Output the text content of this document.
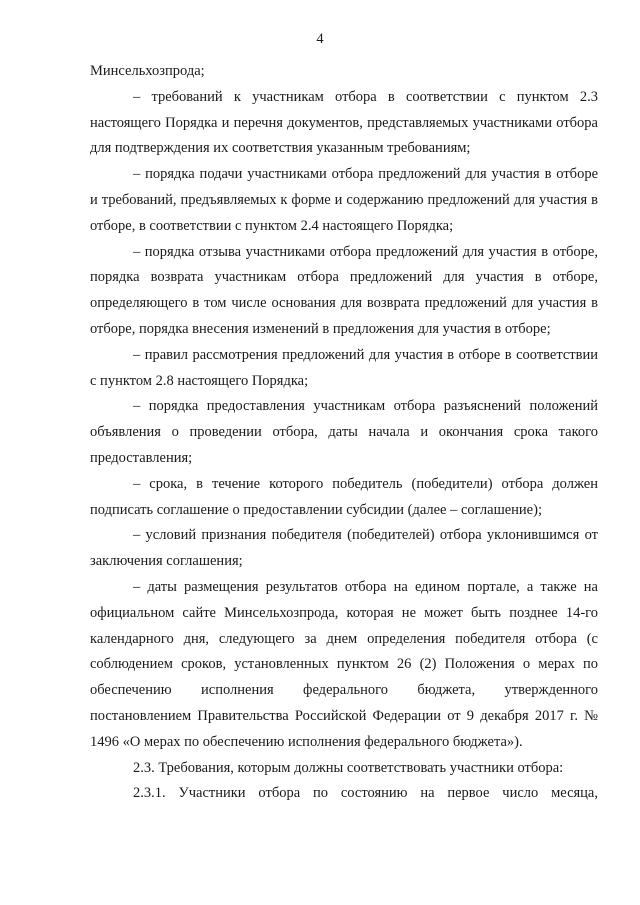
4

Минсельхозпрода;

– требований к участникам отбора в соответствии с пунктом 2.3 настоящего Порядка и перечня документов, представляемых участниками отбора для подтверждения их соответствия указанным требованиям;

– порядка подачи участниками отбора предложений для участия в отборе и требований, предъявляемых к форме и содержанию предложений для участия в отборе, в соответствии с пунктом 2.4 настоящего Порядка;

– порядка отзыва участниками отбора предложений для участия в отборе, порядка возврата участникам отбора предложений для участия в отборе, определяющего в том числе основания для возврата предложений для участия в отборе, порядка внесения изменений в предложения для участия в отборе;

– правил рассмотрения предложений для участия в отборе в соответствии с пунктом 2.8 настоящего Порядка;

– порядка предоставления участникам отбора разъяснений положений объявления о проведении отбора, даты начала и окончания срока такого предоставления;

– срока, в течение которого победитель (победители) отбора должен подписать соглашение о предоставлении субсидии (далее – соглашение);

– условий признания победителя (победителей) отбора уклонившимся от заключения соглашения;

– даты размещения результатов отбора на едином портале, а также на официальном сайте Минсельхозпрода, которая не может быть позднее 14-го календарного дня, следующего за днем определения победителя отбора (с соблюдением сроков, установленных пунктом 26 (2) Положения о мерах по обеспечению исполнения федерального бюджета, утвержденного постановлением Правительства Российской Федерации от 9 декабря 2017 г. № 1496 «О мерах по обеспечению исполнения федерального бюджета»).

2.3. Требования, которым должны соответствовать участники отбора:

2.3.1. Участники отбора по состоянию на первое число месяца,
